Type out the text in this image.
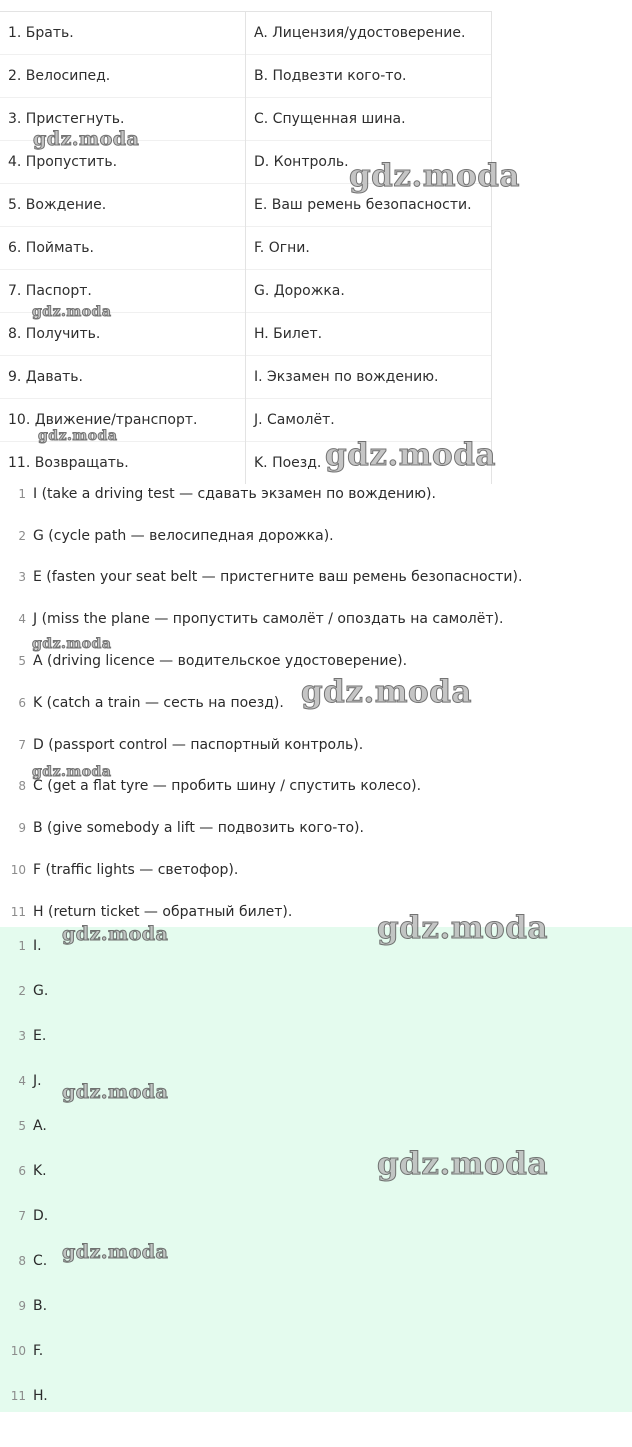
1. Брать.	A. Лицензия/удостоверение.
2. Велосипед.	B. Подвезти кого-то.
3. Пристегнуть.	C. Спущенная шина.
4. Пропустить.	D. Контроль.
5. Вождение.	E. Ваш ремень безопасности.
6. Поймать.	F. Огни.
7. Паспорт.	G. Дорожка.
8. Получить.	H. Билет.
9. Давать.	I. Экзамен по вождению.
10. Движение/транспорт.	J. Самолёт.
11. Возвращать.	K. Поезд.
1 I (take a driving test — сдавать экзамен по вождению).
2 G (cycle path — велосипедная дорожка).
3 E (fasten your seat belt — пристегните ваш ремень безопасности).
4 J (miss the plane — пропустить самолёт / опоздать на самолёт).
5 A (driving licence — водительское удостоверение).
6 K (catch a train — сесть на поезд).
7 D (passport control — паспортный контроль).
8 C (get a flat tyre — пробить шину / спустить колесо).
9 B (give somebody a lift — подвозить кого-то).
10 F (traffic lights — светофор).
11 H (return ticket — обратный билет).
1 I.
2 G.
3 E.
4 J.
5 A.
6 K.
7 D.
8 C.
9 B.
10 F.
11 H.
gdz.moda
gdz.moda
gdz.moda
gdz.moda
gdz.moda
gdz.moda
gdz.moda
gdz.moda
gdz.moda
gdz.moda
gdz.moda
gdz.moda
gdz.moda
